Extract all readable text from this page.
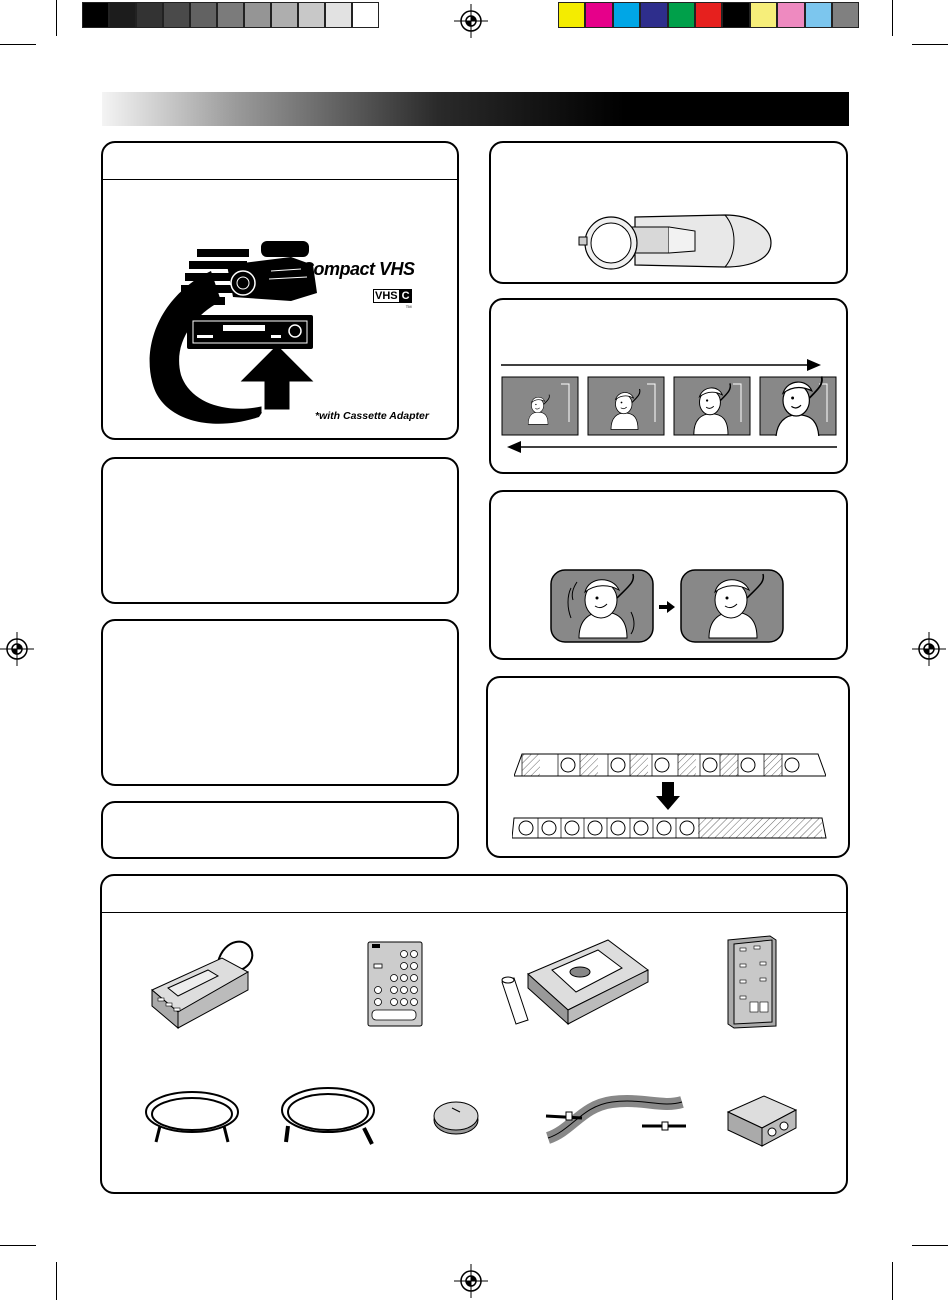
Compact VHS
VHS C
TM
*with Cassette Adapter
